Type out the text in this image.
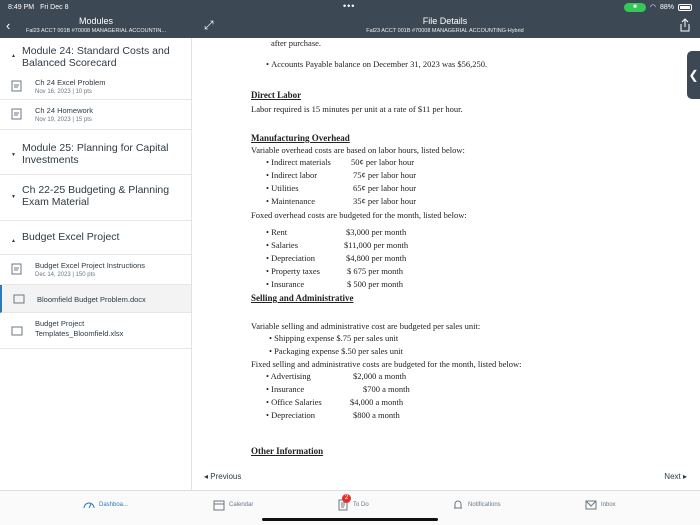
8:49 PM Fri Dec 8	•••	■	◠ 88%
‹	Modules
Fal23 ACCT 001B #70008 MANAGERIAL ACCOUNTIN...	⤢	File Details
Fal23 ACCT 001B #70008 MANAGERIAL ACCOUNTING-Hybrid
▲ Module 24: Standard Costs and Balanced Scorecard
Ch 24 Excel Problem
Nov 16, 2023 | 10 pts
Ch 24 Homework
Nov 19, 2023 | 15 pts
▼
Module 25: Planning for Capital Investments
▼
Ch 22-25 Budgeting & Planning Exam Material
▲ Budget Excel Project
Budget Excel Project Instructions
Dec 14, 2023 | 150 pts
Bloomfield Budget Problem.docx
Budget Project Templates_Bloomfield.xlsx
after purchase.
• Accounts Payable balance on December 31, 2023 was $56,250.
Direct Labor
Labor required is 15 minutes per unit at a rate of $11 per hour.
Manufacturing Overhead
Variable overhead costs are based on labor hours, listed below:
• Indirect materials 50¢ per labor hour
• Indirect labor	75¢ per labor hour
• Utilities	65¢ per labor hour
• Maintenance	35¢ per labor hour
Foxed overhead costs are budgeted for the month, listed below:
• Rent	$3,000 per month
• Salaries	$11,000 per month
• Depreciation	$4,800 per month
• Property taxes	$ 675 per month
• Insurance	$ 500 per month
Selling and Administrative
Variable selling and administrative cost are budgeted per sales unit:
• Shipping expense $.75 per sales unit
• Packaging expense $.50 per sales unit
Fixed selling and administrative costs are budgeted for the month, listed below:
• Advertising	$2,000 a month
• Insurance	$700 a month
• Office Salaries	$4,000 a month
• Depreciation	$800 a month
Other Information
❮
◂ Previous	Next ▸
Dashboa...	Calendar	To Do
2
Notifications	Inbox
